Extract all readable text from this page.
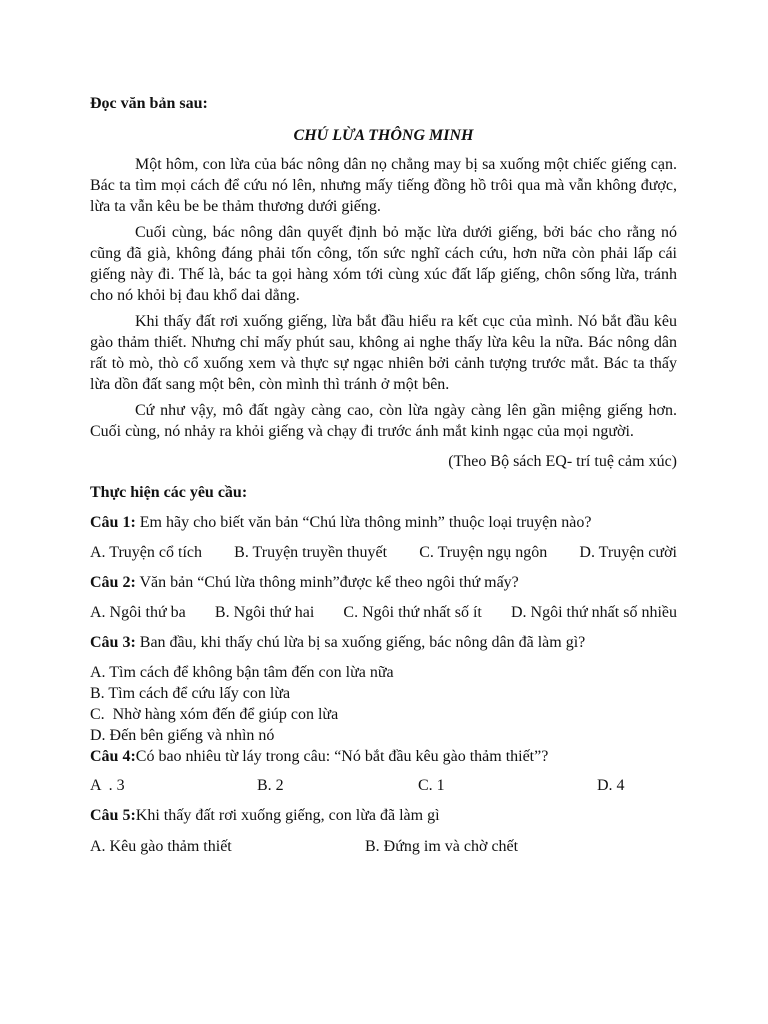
Đọc văn bản sau:

CHÚ LỪA THÔNG MINH

Một hôm, con lừa của bác nông dân nọ chẳng may bị sa xuống một chiếc giếng cạn. Bác ta tìm mọi cách để cứu nó lên, nhưng mấy tiếng đồng hồ trôi qua mà vẫn không được, lừa ta vẫn kêu be be thảm thương dưới giếng.

Cuối cùng, bác nông dân quyết định bỏ mặc lừa dưới giếng, bởi bác cho rằng nó cũng đã già, không đáng phải tốn công, tốn sức nghĩ cách cứu, hơn nữa còn phải lấp cái giếng này đi. Thế là, bác ta gọi hàng xóm tới cùng xúc đất lấp giếng, chôn sống lừa, tránh cho nó khỏi bị đau khổ dai dẳng.

Khi thấy đất rơi xuống giếng, lừa bắt đầu hiểu ra kết cục của mình. Nó bắt đầu kêu gào thảm thiết. Nhưng chỉ mấy phút sau, không ai nghe thấy lừa kêu la nữa. Bác nông dân rất tò mò, thò cổ xuống xem và thực sự ngạc nhiên bởi cảnh tượng trước mắt. Bác ta thấy lừa dồn đất sang một bên, còn mình thì tránh ở một bên.

Cứ như vậy, mô đất ngày càng cao, còn lừa ngày càng lên gần miệng giếng hơn. Cuối cùng, nó nhảy ra khỏi giếng và chạy đi trước ánh mắt kinh ngạc của mọi người.

(Theo Bộ sách EQ- trí tuệ cảm xúc)

Thực hiện các yêu cầu:

Câu 1: Em hãy cho biết văn bản “Chú lừa thông minh” thuộc loại truyện nào?

A. Truyện cổ tích B. Truyện truyền thuyết C. Truyện ngụ ngôn D. Truyện cười

Câu 2: Văn bản “Chú lừa thông minh”được kể theo ngôi thứ mấy?

A. Ngôi thứ ba B. Ngôi thứ hai C. Ngôi thứ nhất số ít D. Ngôi thứ nhất số nhiều

Câu 3: Ban đầu, khi thấy chú lừa bị sa xuống giếng, bác nông dân đã làm gì?

A. Tìm cách để không bận tâm đến con lừa nữa
B. Tìm cách để cứu lấy con lừa
C.  Nhờ hàng xóm đến để giúp con lừa
D. Đến bên giếng và nhìn nó

Câu 4:Có bao nhiêu từ láy trong câu: “Nó bắt đầu kêu gào thảm thiết”?

A  . 3	B. 2	C. 1	D. 4

Câu 5:Khi thấy đất rơi xuống giếng, con lừa đã làm gì

A. Kêu gào thảm thiết	B. Đứng im và chờ chết
